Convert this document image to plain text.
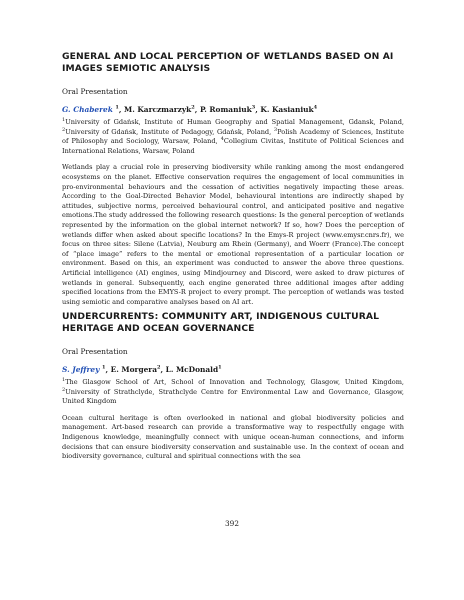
GENERAL AND LOCAL PERCEPTION OF WETLANDS BASED ON AI IMAGES SEMIOTIC ANALYSIS
Oral Presentation
G. Chaberek $^1$, M. Karczmarzyk$^2$, P. Romaniuk$^3$, K. Kasianiuk$^4$
$^1$University of Gdańsk, Institute of Human Geography and Spatial Management, Gdansk, Poland, $^2$University of Gdańsk, Institute of Pedagogy, Gdańsk, Poland, $^3$Polish Academy of Sciences, Institute of Philosophy and Sociology, Warsaw, Poland, $^4$Collegium Civitas, Institute of Political Sciences and International Relations, Warsaw, Poland

Wetlands play a crucial role in preserving biodiversity while ranking among the most endangered ecosystems on the planet. Effective conservation requires the engagement of local communities in pro-environmental behaviours and the cessation of activities negatively impacting these areas. According to the Goal-Directed Behavior Model, behavioural intentions are indirectly shaped by attitudes, subjective norms, perceived behavioural control, and anticipated positive and negative emotions.The study addressed the following research questions: Is the general perception of wetlands represented by the information on the global internet network? If so, how? Does the perception of wetlands differ when asked about specific locations? In the Emys-R project (www.emysr.cnrs.fr), we focus on three sites: Silene (Latvia), Neuburg am Rhein (Germany), and Woerr (France).The concept of “place image” refers to the mental or emotional representation of a particular location or environment. Based on this, an experiment was conducted to answer the above three questions. Artificial intelligence (AI) engines, using Mindjourney and Discord, were asked to draw pictures of wetlands in general. Subsequently, each engine generated three additional images after adding specified locations from the EMYS-R project to every prompt. The perception of wetlands was tested using semiotic and comparative analyses based on AI art.

UNDERCURRENTS: COMMUNITY ART, INDIGENOUS CULTURAL HERITAGE AND OCEAN GOVERNANCE
Oral Presentation
S. Jeffrey $^1$, E. Morgera$^2$, L. McDonald$^1$
$^1$The Glasgow School of Art, School of Innovation and Technology, Glasgow, United Kingdom, $^2$University of Strathclyde, Strathclyde Centre for Environmental Law and Governance, Glasgow, United Kingdom

Ocean cultural heritage is often overlooked in national and global biodiversity policies and management. Art-based research can provide a transformative way to respectfully engage with Indigenous knowledge, meaningfully connect with unique ocean-human connections, and inform decisions that can ensure biodiversity conservation and sustainable use. In the context of ocean and biodiversity governance, cultural and spiritual connections with the sea

392
